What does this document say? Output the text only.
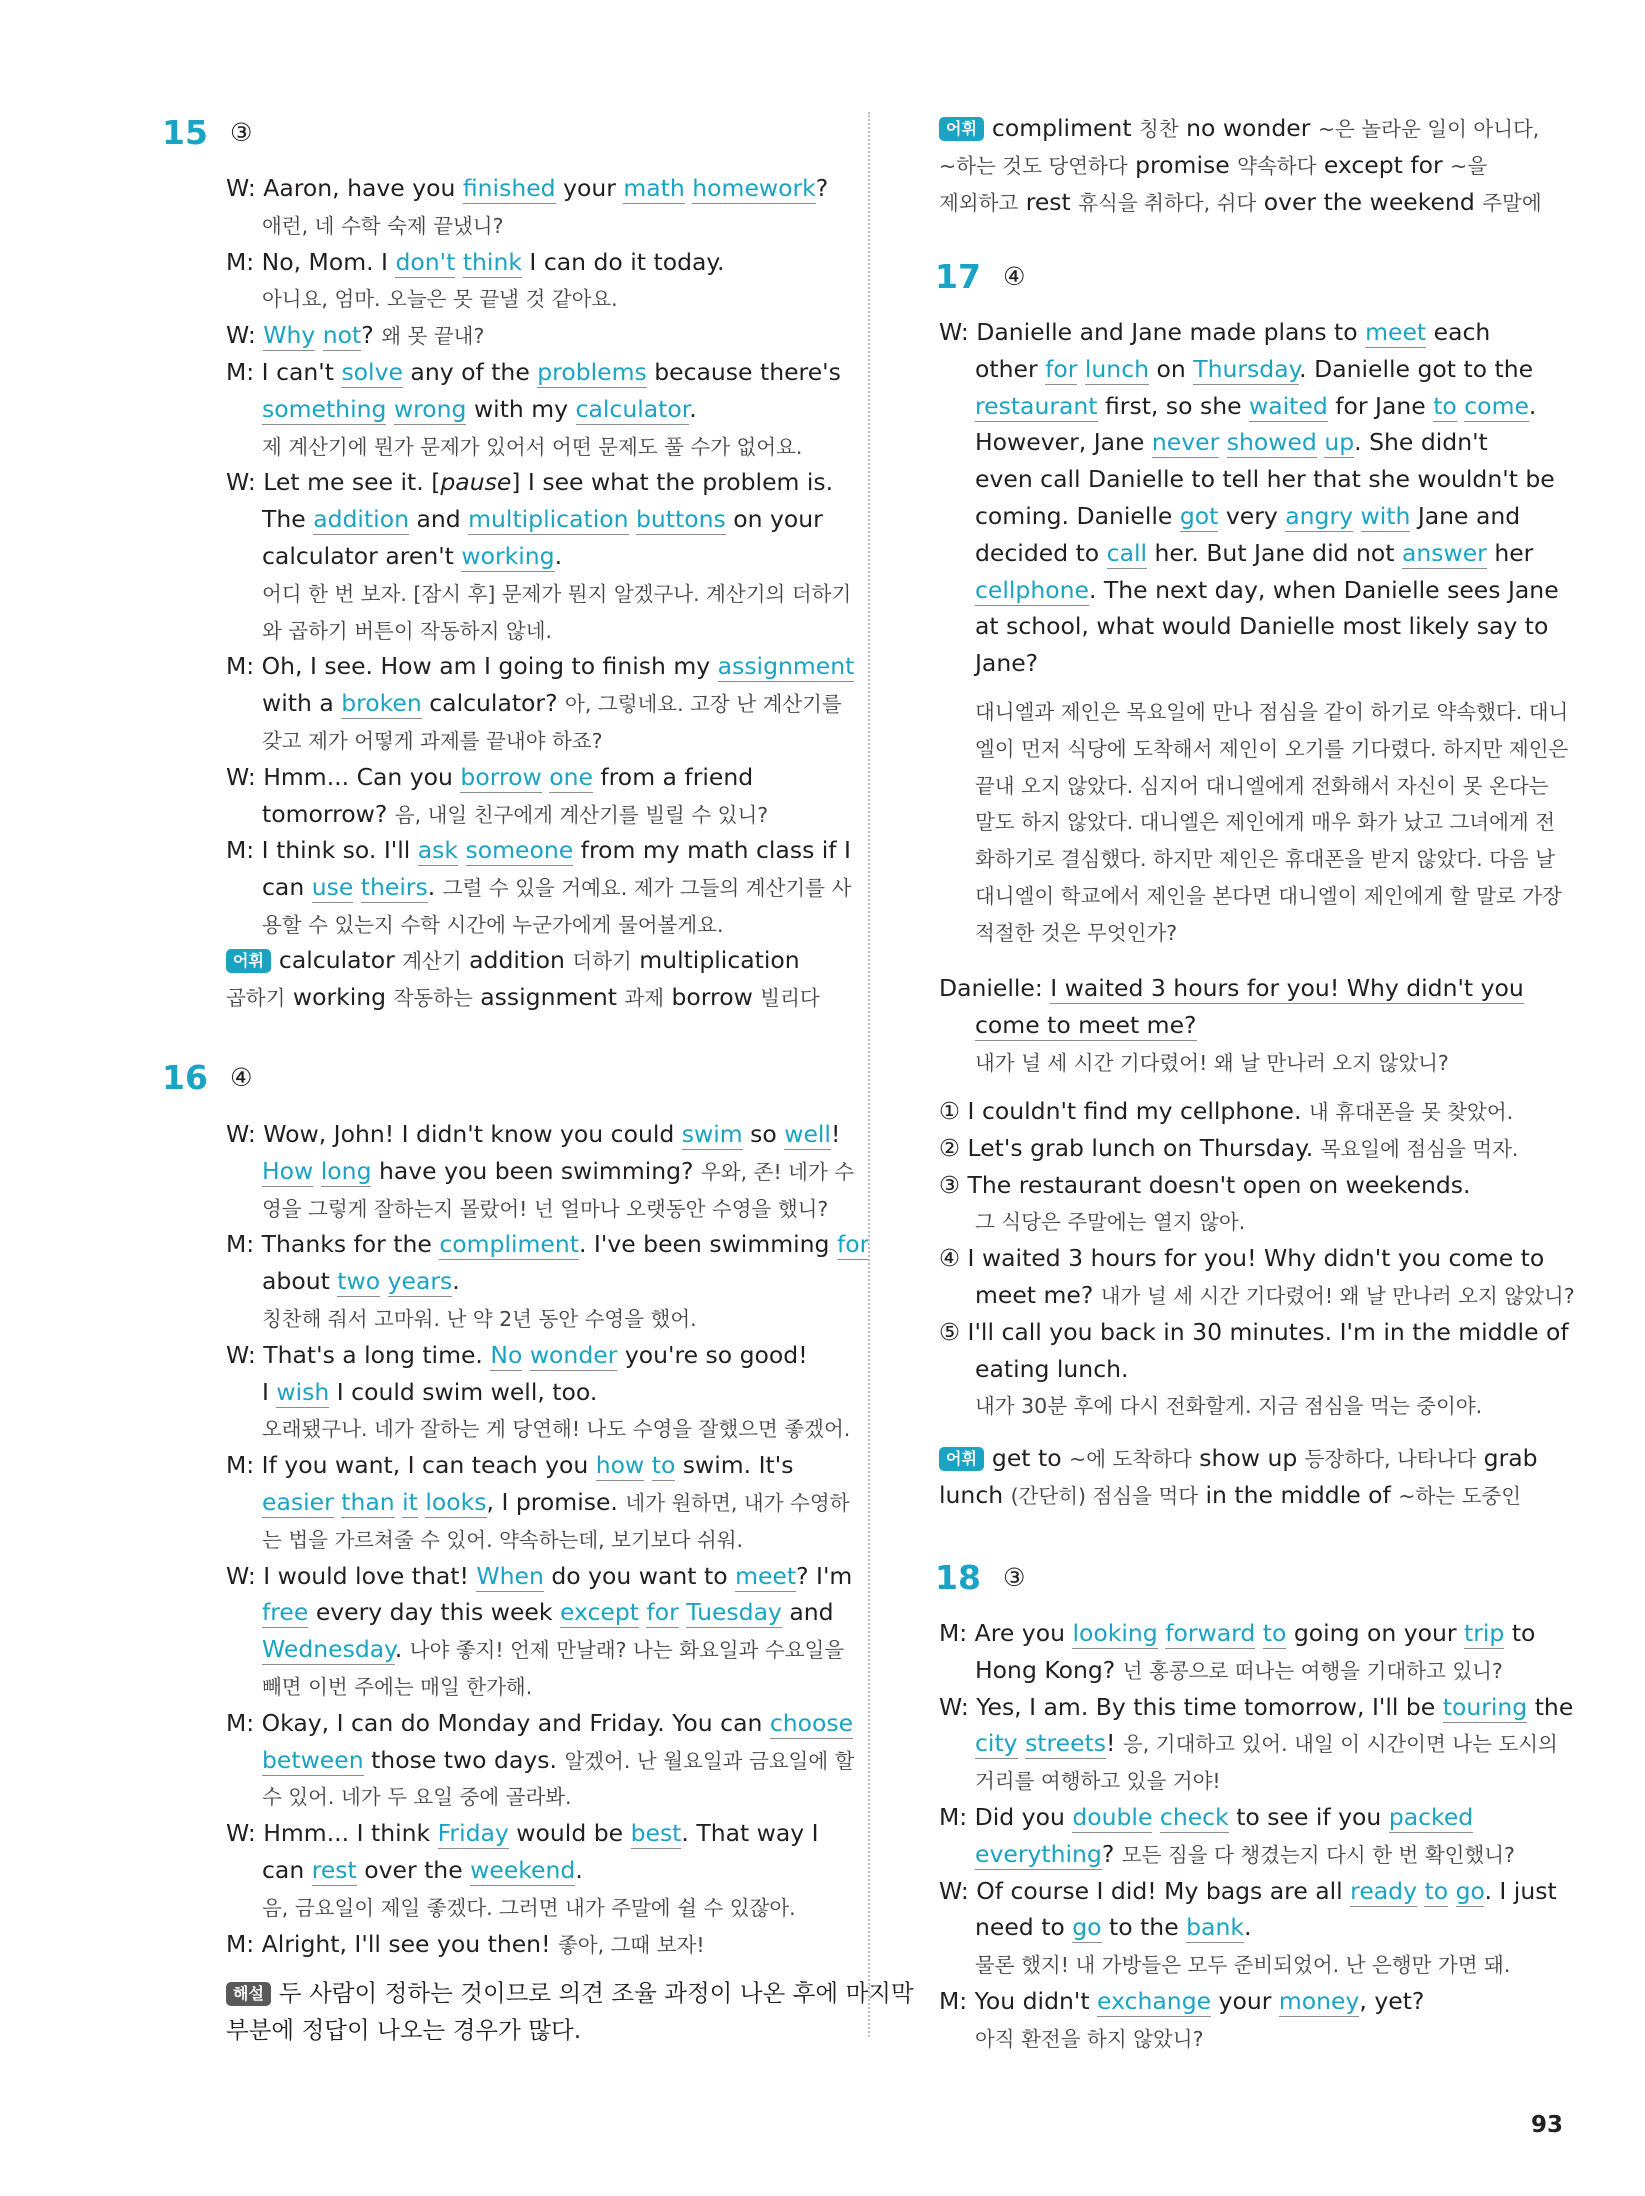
15 ③
W: Aaron, have you finished your math homework?
애런, 네 수학 숙제 끝냈니?
M: No, Mom. I don't think I can do it today.
아니요, 엄마. 오늘은 못 끝낼 것 같아요.
W: Why not? 왜 못 끝내?
M: I can't solve any of the problems because there's
something wrong with my calculator.
제 계산기에 뭔가 문제가 있어서 어떤 문제도 풀 수가 없어요.
W: Let me see it. [pause] I see what the problem is.
The addition and multiplication buttons on your
calculator aren't working.
어디 한 번 보자. [잠시 후] 문제가 뭔지 알겠구나. 계산기의 더하기
와 곱하기 버튼이 작동하지 않네.
M: Oh, I see. How am I going to finish my assignment
with a broken calculator? 아, 그렇네요. 고장 난 계산기를
갖고 제가 어떻게 과제를 끝내야 하죠?
W: Hmm... Can you borrow one from a friend
tomorrow? 음, 내일 친구에게 계산기를 빌릴 수 있니?
M: I think so. I'll ask someone from my math class if I
can use theirs. 그럴 수 있을 거예요. 제가 그들의 계산기를 사
용할 수 있는지 수학 시간에 누군가에게 물어볼게요.
어휘 calculator 계산기 addition 더하기 multiplication
곱하기 working 작동하는 assignment 과제 borrow 빌리다
16 ④
W: Wow, John! I didn't know you could swim so well!
How long have you been swimming? 우와, 존! 네가 수
영을 그렇게 잘하는지 몰랐어! 넌 얼마나 오랫동안 수영을 했니?
M: Thanks for the compliment. I've been swimming for
about two years.
칭찬해 줘서 고마워. 난 약 2년 동안 수영을 했어.
W: That's a long time. No wonder you're so good!
I wish I could swim well, too.
오래됐구나. 네가 잘하는 게 당연해! 나도 수영을 잘했으면 좋겠어.
M: If you want, I can teach you how to swim. It's
easier than it looks, I promise. 네가 원하면, 내가 수영하
는 법을 가르쳐줄 수 있어. 약속하는데, 보기보다 쉬워.
W: I would love that! When do you want to meet? I'm
free every day this week except for Tuesday and
Wednesday. 나야 좋지! 언제 만날래? 나는 화요일과 수요일을
빼면 이번 주에는 매일 한가해.
M: Okay, I can do Monday and Friday. You can choose
between those two days. 알겠어. 난 월요일과 금요일에 할
수 있어. 네가 두 요일 중에 골라봐.
W: Hmm... I think Friday would be best. That way I
can rest over the weekend.
음, 금요일이 제일 좋겠다. 그러면 내가 주말에 쉴 수 있잖아.
M: Alright, I'll see you then! 좋아, 그때 보자!
해설 두 사람이 정하는 것이므로 의견 조율 과정이 나온 후에 마지막
부분에 정답이 나오는 경우가 많다.
어휘 compliment 칭찬 no wonder ~은 놀라운 일이 아니다,
~하는 것도 당연하다 promise 약속하다 except for ~을
제외하고 rest 휴식을 취하다, 쉬다 over the weekend 주말에
17 ④
W: Danielle and Jane made plans to meet each
other for lunch on Thursday. Danielle got to the
restaurant first, so she waited for Jane to come.
However, Jane never showed up. She didn't
even call Danielle to tell her that she wouldn't be
coming. Danielle got very angry with Jane and
decided to call her. But Jane did not answer her
cellphone. The next day, when Danielle sees Jane
at school, what would Danielle most likely say to
Jane?
대니엘과 제인은 목요일에 만나 점심을 같이 하기로 약속했다. 대니
엘이 먼저 식당에 도착해서 제인이 오기를 기다렸다. 하지만 제인은
끝내 오지 않았다. 심지어 대니엘에게 전화해서 자신이 못 온다는
말도 하지 않았다. 대니엘은 제인에게 매우 화가 났고 그녀에게 전
화하기로 결심했다. 하지만 제인은 휴대폰을 받지 않았다. 다음 날
대니엘이 학교에서 제인을 본다면 대니엘이 제인에게 할 말로 가장
적절한 것은 무엇인가?
Danielle: I waited 3 hours for you! Why didn't you
come to meet me?
내가 널 세 시간 기다렸어! 왜 날 만나러 오지 않았니?
① I couldn't find my cellphone. 내 휴대폰을 못 찾았어.
② Let's grab lunch on Thursday. 목요일에 점심을 먹자.
③ The restaurant doesn't open on weekends.
그 식당은 주말에는 열지 않아.
④ I waited 3 hours for you! Why didn't you come to
meet me? 내가 널 세 시간 기다렸어! 왜 날 만나러 오지 않았니?
⑤ I'll call you back in 30 minutes. I'm in the middle of
eating lunch.
내가 30분 후에 다시 전화할게. 지금 점심을 먹는 중이야.
어휘 get to ~에 도착하다 show up 등장하다, 나타나다 grab
lunch (간단히) 점심을 먹다 in the middle of ~하는 도중인
18 ③
M: Are you looking forward to going on your trip to
Hong Kong? 넌 홍콩으로 떠나는 여행을 기대하고 있니?
W: Yes, I am. By this time tomorrow, I'll be touring the
city streets! 응, 기대하고 있어. 내일 이 시간이면 나는 도시의
거리를 여행하고 있을 거야!
M: Did you double check to see if you packed
everything? 모든 짐을 다 챙겼는지 다시 한 번 확인했니?
W: Of course I did! My bags are all ready to go. I just
need to go to the bank.
물론 했지! 내 가방들은 모두 준비되었어. 난 은행만 가면 돼.
M: You didn't exchange your money, yet?
아직 환전을 하지 않았니?
93
